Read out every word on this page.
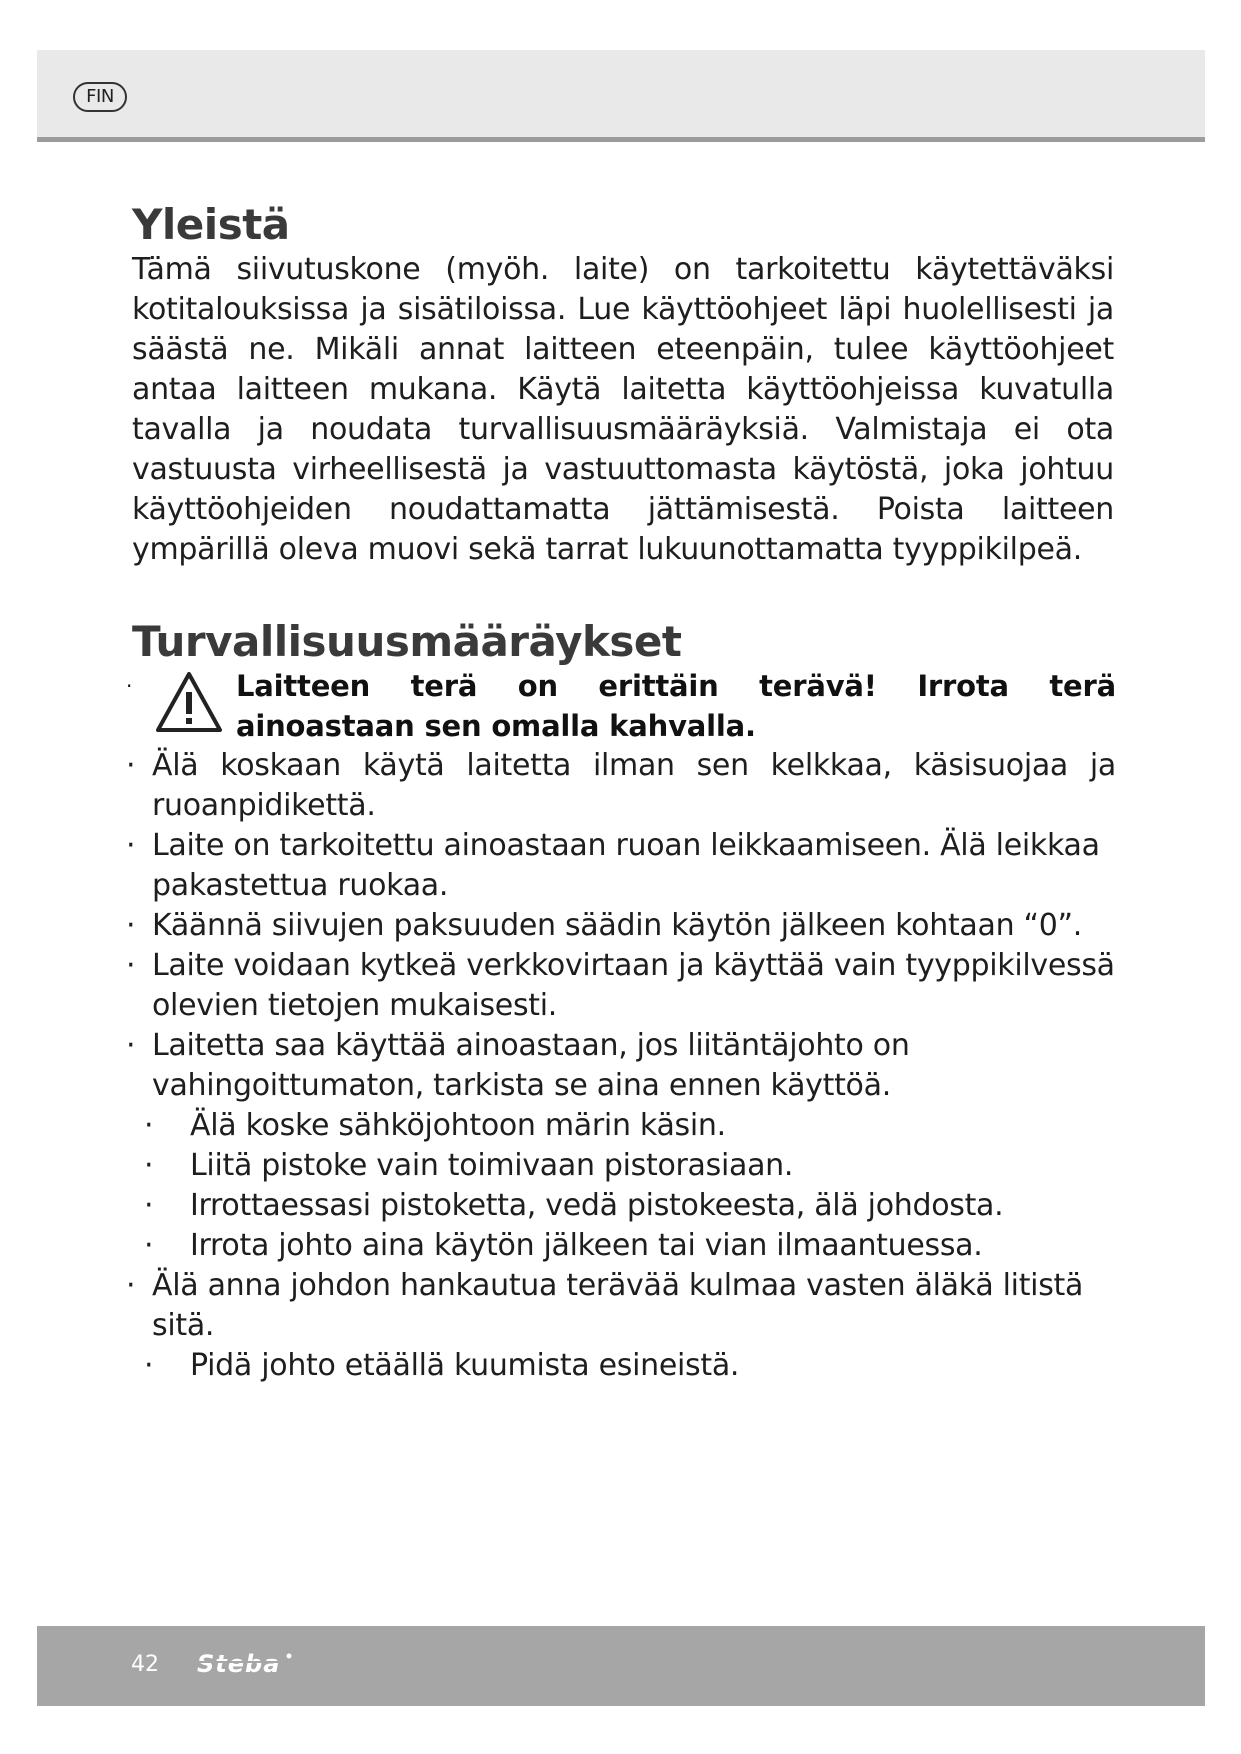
FIN
Yleistä

Tämä siivutuskone (myöh. laite) on tarkoitettu käytettäväksi kotitalouksissa ja sisätiloissa. Lue käyttöohjeet läpi huolellisesti ja säästä ne. Mikäli annat laitteen eteenpäin, tulee käyttöohjeet antaa laitteen mukana. Käytä laitetta käyttöohjeissa kuvatulla tavalla ja noudata turvallisuusmääräyksiä. Valmistaja ei ota vastuusta virheellisestä ja vastuuttomasta käytöstä, joka johtuu käyttöohjeiden noudattamatta jättämisestä. Poista laitteen ympärillä oleva muovi sekä tarrat lukuunottamatta tyyppikilpeä.

Turvallisuusmääräykset
·	Laitteen terä on erittäin terävä! Irrota terä ainoastaan sen omalla kahvalla.
· Älä koskaan käytä laitetta ilman sen kelkkaa, käsisuojaa ja ruoanpidikettä.
· Laite on tarkoitettu ainoastaan ruoan leikkaamiseen. Älä leikkaa pakastettua ruokaa.
· Käännä siivujen paksuuden säädin käytön jälkeen kohtaan “0”.
· Laite voidaan kytkeä verkkovirtaan ja käyttää vain tyyppikilvessä olevien tietojen mukaisesti.
· Laitetta saa käyttää ainoastaan, jos liitäntäjohto on vahingoittumaton, tarkista se aina ennen käyttöä.
· Älä koske sähköjohtoon märin käsin.
· Liitä pistoke vain toimivaan pistorasiaan.
· Irrottaessasi pistoketta, vedä pistokeesta, älä johdosta.
· Irrota johto aina käytön jälkeen tai vian ilmaantuessa.
· Älä anna johdon hankautua terävää kulmaa vasten äläkä litistä sitä.
· Pidä johto etäällä kuumista esineistä.
42 Steba
